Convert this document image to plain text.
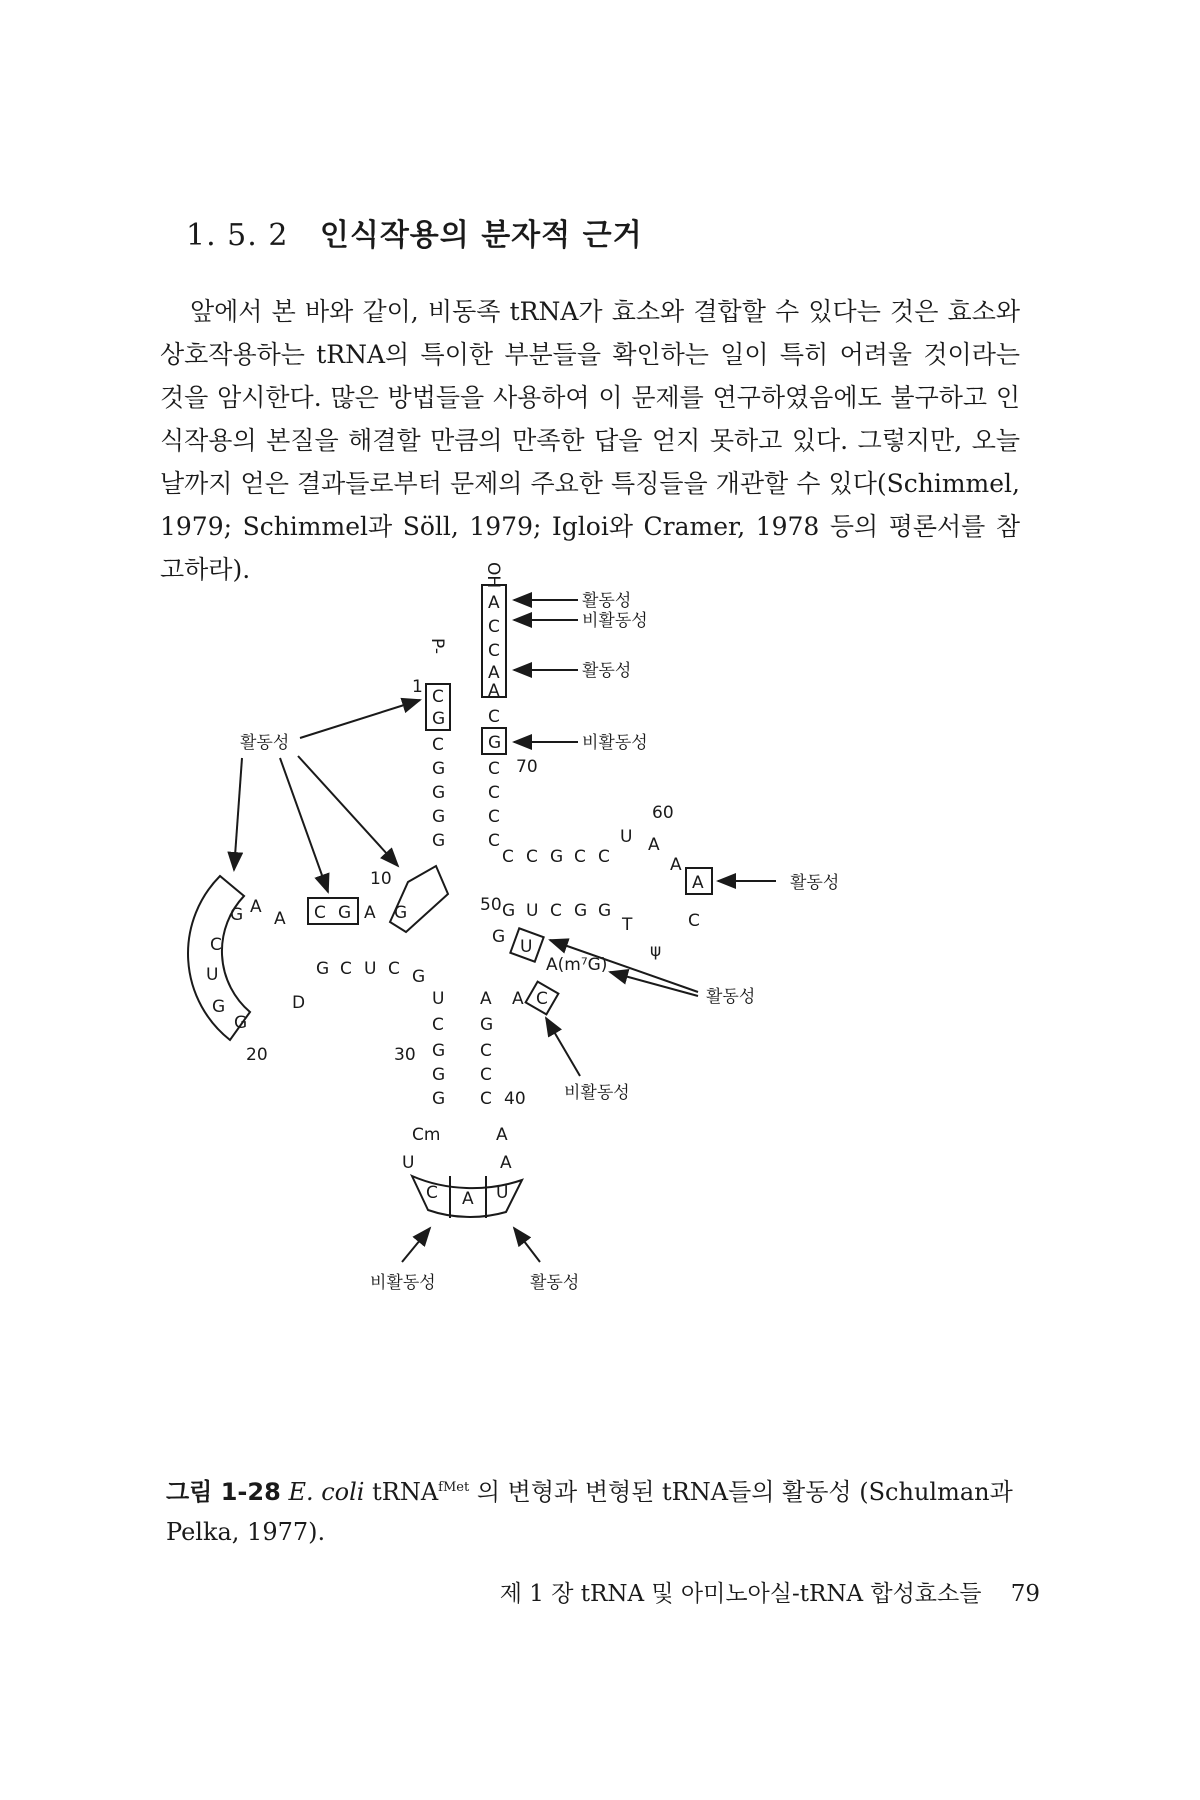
1. 5. 2 인식작용의 분자적 근거

앞에서 본 바와 같이, 비동족 tRNA가 효소와 결합할 수 있다는 것은 효소와 상호작용하는 tRNA의 특이한 부분들을 확인하는 일이 특히 어려울 것이라는 것을 암시한다. 많은 방법들을 사용하여 이 문제를 연구하였음에도 불구하고 인식작용의 본질을 해결할 만큼의 만족한 답을 얻지 못하고 있다. 그렇지만, 오늘날까지 얻은 결과들로부터 문제의 주요한 특징들을 개관할 수 있다(Schimmel, 1979; Schimmel과 Söll, 1979; Igloi와 Cramer, 1978 등의 평론서를 참고하라).	OH
A
C
C
A
A
C
G
C
C
C
C
P-
C
G
C
G
G
G
G
1
70
활동성
비활동성
활동성
비활동성
C C G C C
50 G U C G G
T
ψ
60
U A
A
A
C
활동성
C G A G
10
G C U C G
D
A
A
G
C
U
G
G
20
활동성
U
G
A(m⁷G)
C
A	활동성
비활동성
U
C
G
G
G
30
A
G
C
C
C 40
Cm
U
A
A
C A U
비활동성	활동성
그림 1-28 E. coli tRNA$^{fMet}$ 의 변형과 변형된 tRNA들의 활동성 (Schulman과 Pelka, 1977).
제 1 장 tRNA 및 아미노아실-tRNA 합성효소들 79
